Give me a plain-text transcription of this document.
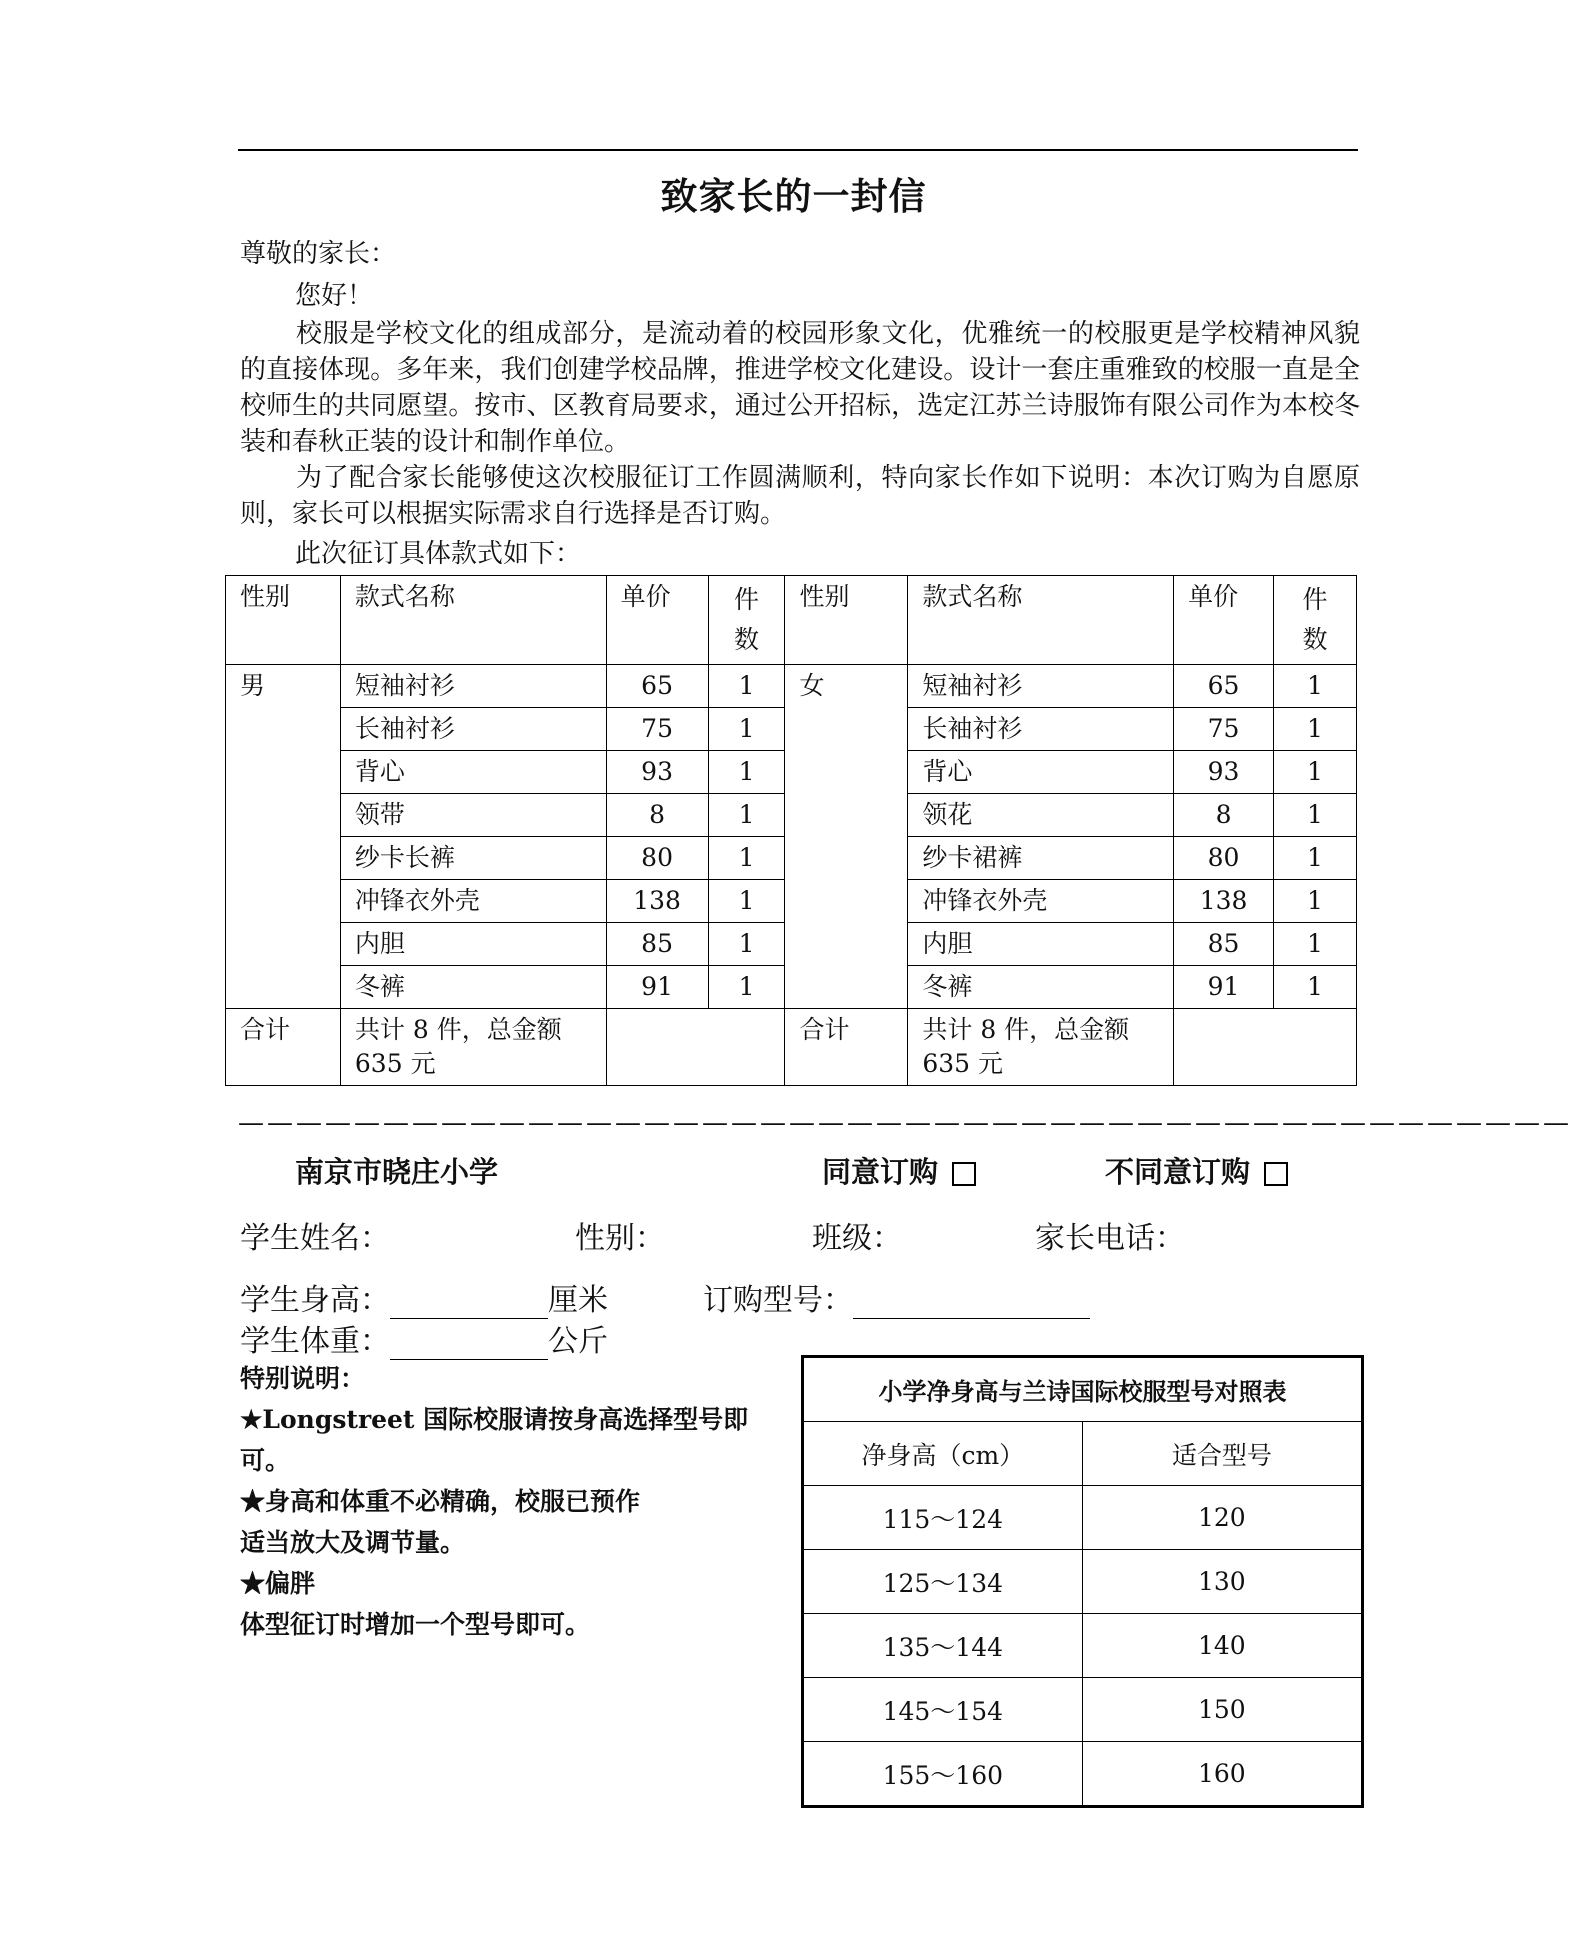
致家长的一封信
尊敬的家长：
您好！
校服是学校文化的组成部分，是流动着的校园形象文化，优雅统一的校服更是学校精神风貌的直接体现。多年来，我们创建学校品牌，推进学校文化建设。设计一套庄重雅致的校服一直是全校师生的共同愿望。按市、区教育局要求，通过公开招标，选定江苏兰诗服饰有限公司作为本校冬装和春秋正装的设计和制作单位。
为了配合家长能够使这次校服征订工作圆满顺利，特向家长作如下说明：本次订购为自愿原则，家长可以根据实际需求自行选择是否订购。
此次征订具体款式如下：
性别	款式名称	单价	件数	性别	款式名称	单价	件数
男	短袖衬衫	65	1	女	短袖衬衫	65	1
	长袖衬衫	75	1		长袖衬衫	75	1
	背心	93	1		背心	93	1
	领带	8	1		领花	8	1
	纱卡长裤	80	1		纱卡裙裤	80	1
	冲锋衣外壳	138	1		冲锋衣外壳	138	1
	内胆	85	1		内胆	85	1
	冬裤	91	1		冬裤	91	1
合计	共计 8 件，总金额 635 元			合计	共计 8 件，总金额 635 元		
——————————————————————————————————————————————
南京市晓庄小学	同意订购	不同意订购
学生姓名：	性别：	班级：	家长电话：
学生身高：	厘米	订购型号：
学生体重：	公斤
特别说明：
★Longstreet 国际校服请按身高选择型号即
可。
★身高和体重不必精确，校服已预作
适当放大及调节量。
★偏胖
体型征订时增加一个型号即可。
小学净身高与兰诗国际校服型号对照表	
净身高（cm）	适合型号
115～124	120
125～134	130
135～144	140
145～154	150
155～160	160
